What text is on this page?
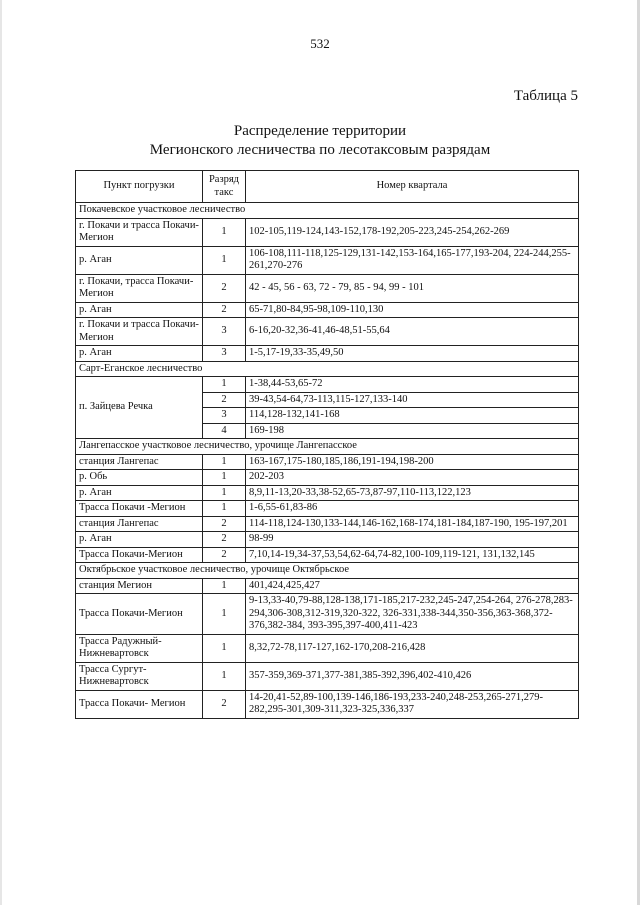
532
Таблица 5
Распределение территории
Мегионского лесничества по лесотаксовым разрядам
Пункт погрузки	Разряд такс	Номер квартала
Покачевское участковое лесничество		
г. Покачи и трасса Покачи-Мегион	1	102-105,119-124,143-152,178-192,205-223,245-254,262-269
р. Аган	1	106-108,111-118,125-129,131-142,153-164,165-177,193-204, 224-244,255-261,270-276
г. Покачи, трасса Покачи-Мегион	2	42 - 45, 56 - 63, 72 - 79, 85 - 94, 99 - 101
р. Аган	2	65-71,80-84,95-98,109-110,130
г. Покачи и трасса Покачи-Мегион	3	6-16,20-32,36-41,46-48,51-55,64
р. Аган	3	1-5,17-19,33-35,49,50
Сарт-Еганское лесничество		
п. Зайцева Речка	1	1-38,44-53,65-72
	2	39-43,54-64,73-113,115-127,133-140
	3	114,128-132,141-168
	4	169-198
Лангепасское участковое лесничество, урочище Лангепасское		
станция Лангепас	1	163-167,175-180,185,186,191-194,198-200
р. Обь	1	202-203
р. Аган	1	8,9,11-13,20-33,38-52,65-73,87-97,110-113,122,123
Трасса Покачи -Мегион	1	1-6,55-61,83-86
станция Лангепас	2	114-118,124-130,133-144,146-162,168-174,181-184,187-190, 195-197,201
р. Аган	2	98-99
Трасса Покачи-Мегион	2	7,10,14-19,34-37,53,54,62-64,74-82,100-109,119-121, 131,132,145
Октябрьское участковое лесничество, урочище Октябрьское		
станция Мегион	1	401,424,425,427
Трасса Покачи-Мегион	1	9-13,33-40,79-88,128-138,171-185,217-232,245-247,254-264, 276-278,283-294,306-308,312-319,320-322, 326-331,338-344,350-356,363-368,372-376,382-384, 393-395,397-400,411-423
Трасса Радужный-Нижневартовск	1	8,32,72-78,117-127,162-170,208-216,428
Трасса Сургут- Нижневартовск	1	357-359,369-371,377-381,385-392,396,402-410,426
Трасса Покачи- Мегион	2	14-20,41-52,89-100,139-146,186-193,233-240,248-253,265-271,279-282,295-301,309-311,323-325,336,337
